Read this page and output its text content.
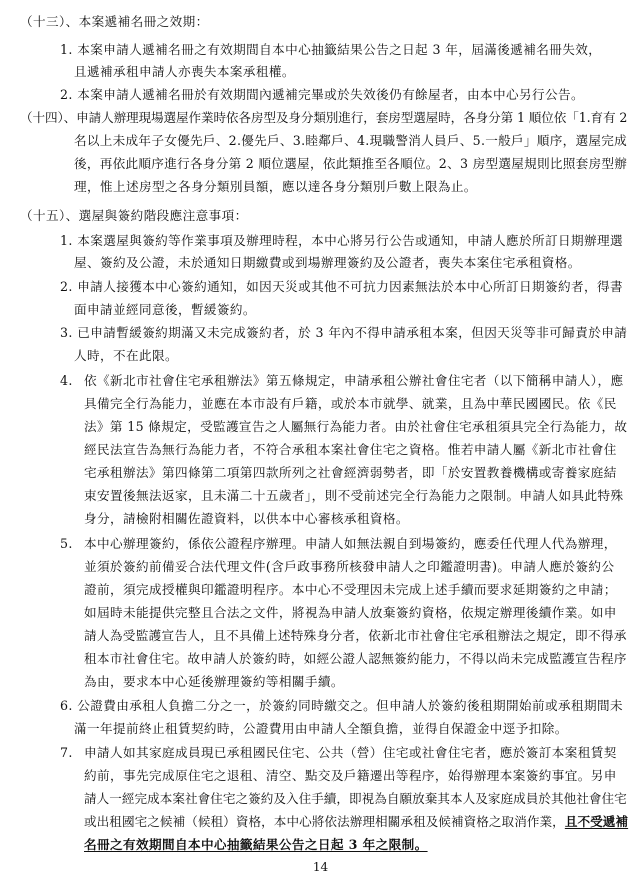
（十三）、本案遞補名冊之效期：
1. 本案申請人遞補名冊之有效期間自本中心抽籤結果公告之日起 3 年，屆滿後遞補名冊失效，
且遞補承租申請人亦喪失本案承租權。
2. 本案申請人遞補名冊於有效期間內遞補完畢或於失效後仍有餘屋者，由本中心另行公告。
（十四）、申請人辦理現場選屋作業時依各房型及身分類別進行，套房型選屋時，各身分第 1 順位依「1.育有 2
名以上未成年子女優先戶、2.優先戶、3.睦鄰戶、4.現職警消人員戶、5.一般戶」順序，選屋完成
後，再依此順序進行各身分第 2 順位選屋，依此類推至各順位。2、3 房型選屋規則比照套房型辦
理，惟上述房型之各身分類別員額，應以達各身分類別戶數上限為止。
（十五）、選屋與簽約階段應注意事項：
1. 本案選屋與簽約等作業事項及辦理時程，本中心將另行公告或通知，申請人應於所訂日期辦理選
屋、簽約及公證，未於通知日期繳費或到場辦理簽約及公證者，喪失本案住宅承租資格。
2. 申請人接獲本中心簽約通知，如因天災或其他不可抗力因素無法於本中心所訂日期簽約者，得書
面申請並經同意後，暫緩簽約。
3. 已申請暫緩簽約期滿又未完成簽約者，於 3 年內不得申請承租本案，但因天災等非可歸責於申請
人時，不在此限。
4. 依《新北市社會住宅承租辦法》第五條規定，申請承租公辦社會住宅者（以下簡稱申請人），應
具備完全行為能力，並應在本市設有戶籍，或於本市就學、就業，且為中華民國國民。依《民
法》第 15 條規定，受監護宣告之人屬無行為能力者。由於社會住宅承租須具完全行為能力，故
經民法宣告為無行為能力者，不符合承租本案社會住宅之資格。惟若申請人屬《新北市社會住
宅承租辦法》第四條第二項第四款所列之社會經濟弱勢者，即「於安置教養機構或寄養家庭結
束安置後無法返家，且未滿二十五歲者」，則不受前述完全行為能力之限制。申請人如具此特殊
身分，請檢附相關佐證資料，以供本中心審核承租資格。
5. 本中心辦理簽約，係依公證程序辦理。申請人如無法親自到場簽約，應委任代理人代為辦理，
並須於簽約前備妥合法代理文件(含戶政事務所核發申請人之印鑑證明書)。申請人應於簽約公
證前，須完成授權與印鑑證明程序。本中心不受理因未完成上述手續而要求延期簽約之申請；
如屆時未能提供完整且合法之文件，將視為申請人放棄簽約資格，依規定辦理後續作業。如申
請人為受監護宣告人，且不具備上述特殊身分者，依新北市社會住宅承租辦法之規定，即不得承
租本市社會住宅。故申請人於簽約時，如經公證人認無簽約能力，不得以尚未完成監護宣告程序
為由，要求本中心延後辦理簽約等相關手續。
6. 公證費由承租人負擔二分之一，於簽約同時繳交之。但申請人於簽約後租期開始前或承租期間未
滿一年提前終止租賃契約時，公證費用由申請人全額負擔，並得自保證金中逕予扣除。
7. 申請人如其家庭成員現已承租國民住宅、公共（營）住宅或社會住宅者，應於簽訂本案租賃契
約前，事先完成原住宅之退租、清空、點交及戶籍遷出等程序，始得辦理本案簽約事宜。另申
請人一經完成本案社會住宅之簽約及入住手續，即視為自願放棄其本人及家庭成員於其他社會住宅
或出租國宅之候補（候租）資格，本中心將依法辦理相關承租及候補資格之取消作業，且不受遞補
名冊之有效期間自本中心抽籤結果公告之日起 3 年之限制。
14
